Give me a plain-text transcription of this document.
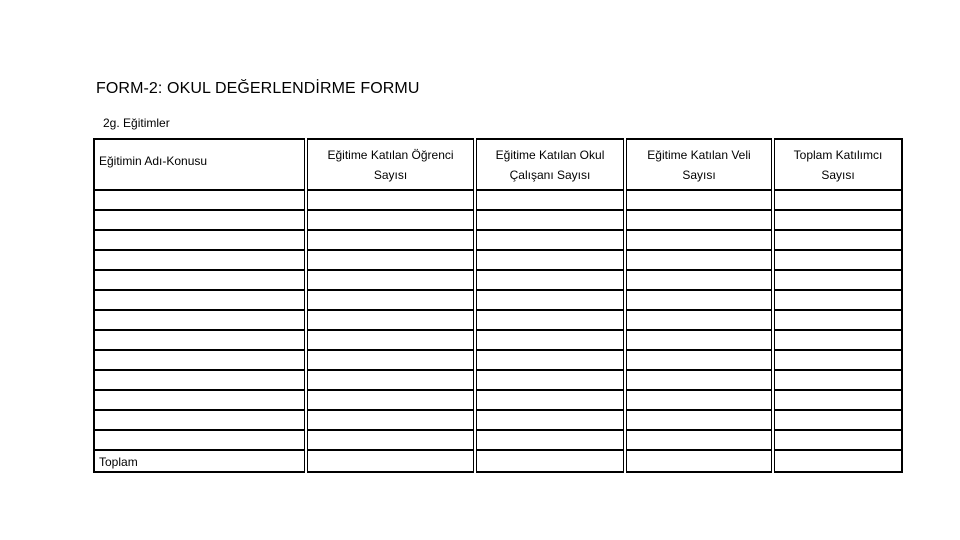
FORM-2: OKUL DEĞERLENDİRME FORMU
2g. Eğitimler
Eğitimin Adı-Konusu	Eğitime Katılan Öğrenci Sayısı	Eğitime Katılan Okul Çalışanı Sayısı	Eğitime Katılan Veli Sayısı	Toplam Katılımcı Sayısı

Toplam				
